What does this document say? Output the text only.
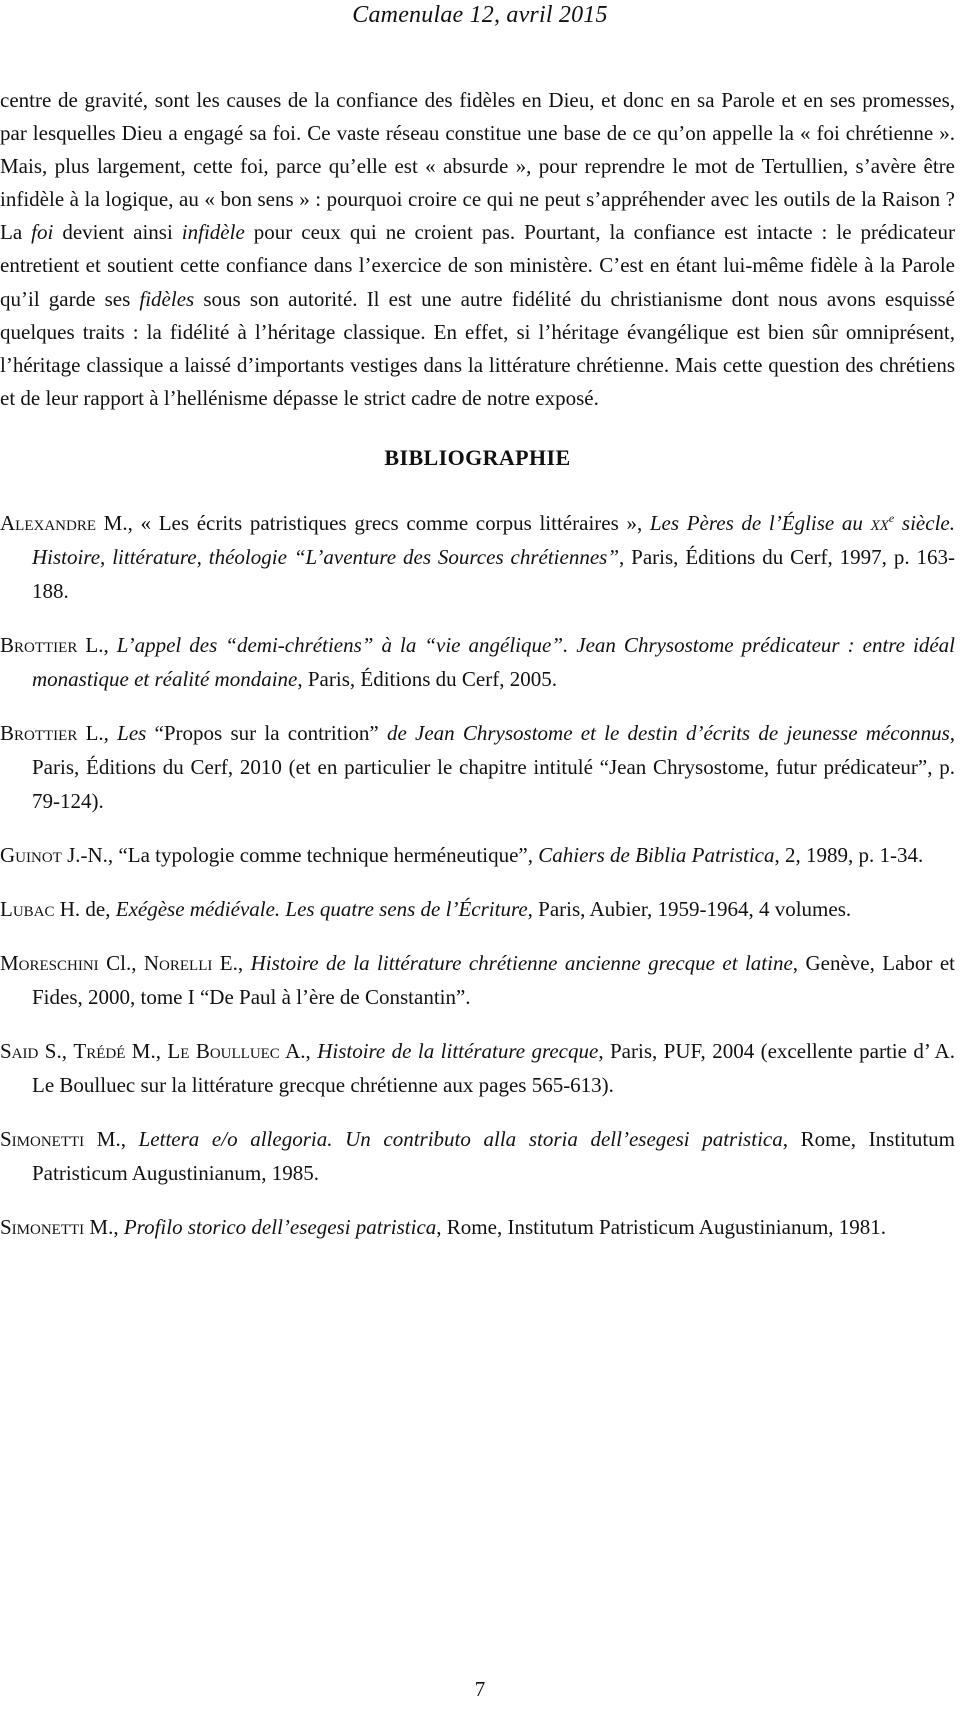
Camenulae 12, avril 2015

centre de gravité, sont les causes de la confiance des fidèles en Dieu, et donc en sa Parole et en ses promesses, par lesquelles Dieu a engagé sa foi. Ce vaste réseau constitue une base de ce qu’on appelle la « foi chrétienne ». Mais, plus largement, cette foi, parce qu’elle est « absurde », pour reprendre le mot de Tertullien, s’avère être infidèle à la logique, au « bon sens » : pourquoi croire ce qui ne peut s’appréhender avec les outils de la Raison ? La foi devient ainsi infidèle pour ceux qui ne croient pas. Pourtant, la confiance est intacte : le prédicateur entretient et soutient cette confiance dans l’exercice de son ministère. C’est en étant lui-même fidèle à la Parole qu’il garde ses fidèles sous son autorité. Il est une autre fidélité du christianisme dont nous avons esquissé quelques traits : la fidélité à l’héritage classique. En effet, si l’héritage évangélique est bien sûr omniprésent, l’héritage classique a laissé d’importants vestiges dans la littérature chrétienne. Mais cette question des chrétiens et de leur rapport à l’hellénisme dépasse le strict cadre de notre exposé.

BIBLIOGRAPHIE

Alexandre M., « Les écrits patristiques grecs comme corpus littéraires », Les Pères de l’Église au $xx^e$ siècle. Histoire, littérature, théologie “L’aventure des Sources chrétiennes”, Paris, Éditions du Cerf, 1997, p. 163-188.

Brottier L., L’appel des “demi-chrétiens” à la “vie angélique”. Jean Chrysostome prédicateur : entre idéal monastique et réalité mondaine, Paris, Éditions du Cerf, 2005.

Brottier L., Les “Propos sur la contrition” de Jean Chrysostome et le destin d’écrits de jeunesse méconnus, Paris, Éditions du Cerf, 2010 (et en particulier le chapitre intitulé “Jean Chrysostome, futur prédicateur”, p. 79-124).

Guinot J.-N., “La typologie comme technique herméneutique”, Cahiers de Biblia Patristica, 2, 1989, p. 1-34.

Lubac H. de, Exégèse médiévale. Les quatre sens de l’Écriture, Paris, Aubier, 1959-1964, 4 volumes.

Moreschini Cl., Norelli E., Histoire de la littérature chrétienne ancienne grecque et latine, Genève, Labor et Fides, 2000, tome I “De Paul à l’ère de Constantin”.

Said S., Trédé M., Le Boulluec A., Histoire de la littérature grecque, Paris, PUF, 2004 (excellente partie d’ A. Le Boulluec sur la littérature grecque chrétienne aux pages 565-613).

Simonetti M., Lettera e/o allegoria. Un contributo alla storia dell’esegesi patristica, Rome, Institutum Patristicum Augustinianum, 1985.

Simonetti M., Profilo storico dell’esegesi patristica, Rome, Institutum Patristicum Augustinianum, 1981.

7
